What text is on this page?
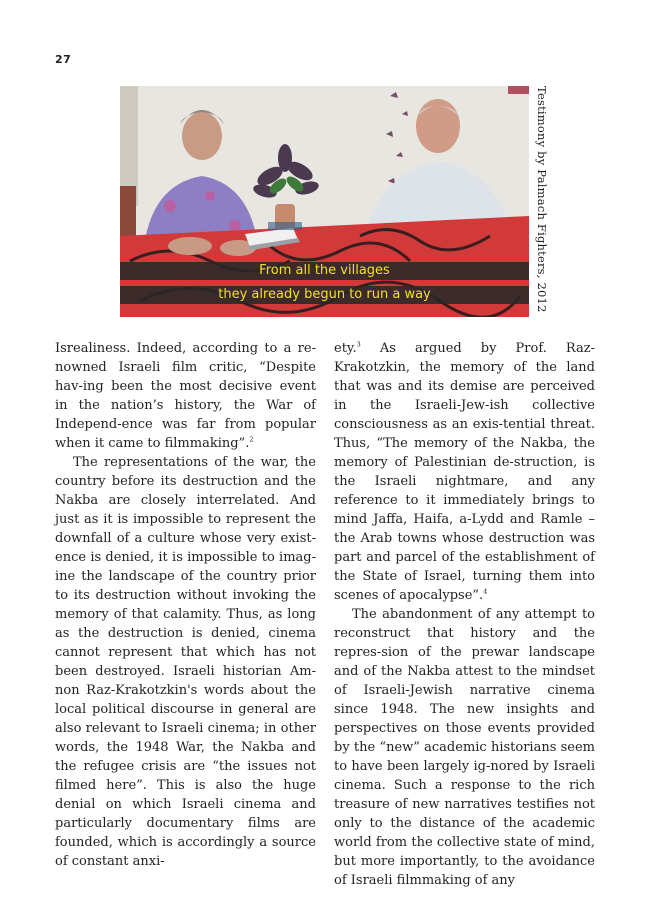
27
From all the villages
they already begun to run a way	Testimony by Palmach Fighters, 2012

Isrealiness. Indeed, according to a re-nowned Israeli film critic, “Despite hav-ing been the most decisive event in the nation’s history, the War of Independ-ence was far from popular when it came to filmmaking”.$^2$

The representations of the war, the country before its destruction and the Nakba are closely interrelated. And just as it is impossible to represent the downfall of a culture whose very exist-ence is denied, it is impossible to imag-ine the landscape of the country prior to its destruction without invoking the memory of that calamity. Thus, as long as the destruction is denied, cinema cannot represent that which has not been destroyed. Israeli historian Am-non Raz-Krakotzkin's words about the local political discourse in general are also relevant to Israeli cinema; in other words, the 1948 War, the Nakba and the refugee crisis are “the issues not filmed here”. This is also the huge denial on which Israeli cinema and particularly documentary films are founded, which is accordingly a source of constant anxi-

ety.$^3$ As argued by Prof. Raz-Krakotzkin, the memory of the land that was and its demise are perceived in the Israeli-Jew-ish collective consciousness as an exis-tential threat. Thus, “The memory of the Nakba, the memory of Palestinian de-struction, is the Israeli nightmare, and any reference to it immediately brings to mind Jaffa, Haifa, a-Lydd and Ramle – the Arab towns whose destruction was part and parcel of the establishment of the State of Israel, turning them into scenes of apocalypse”.$^4$

The abandonment of any attempt to reconstruct that history and the repres-sion of the prewar landscape and of the Nakba attest to the mindset of Israeli-Jewish narrative cinema since 1948. The new insights and perspectives on those events provided by the “new” academic historians seem to have been largely ig-nored by Israeli cinema. Such a response to the rich treasure of new narratives testifies not only to the distance of the academic world from the collective state of mind, but more importantly, to the avoidance of Israeli filmmaking of any
